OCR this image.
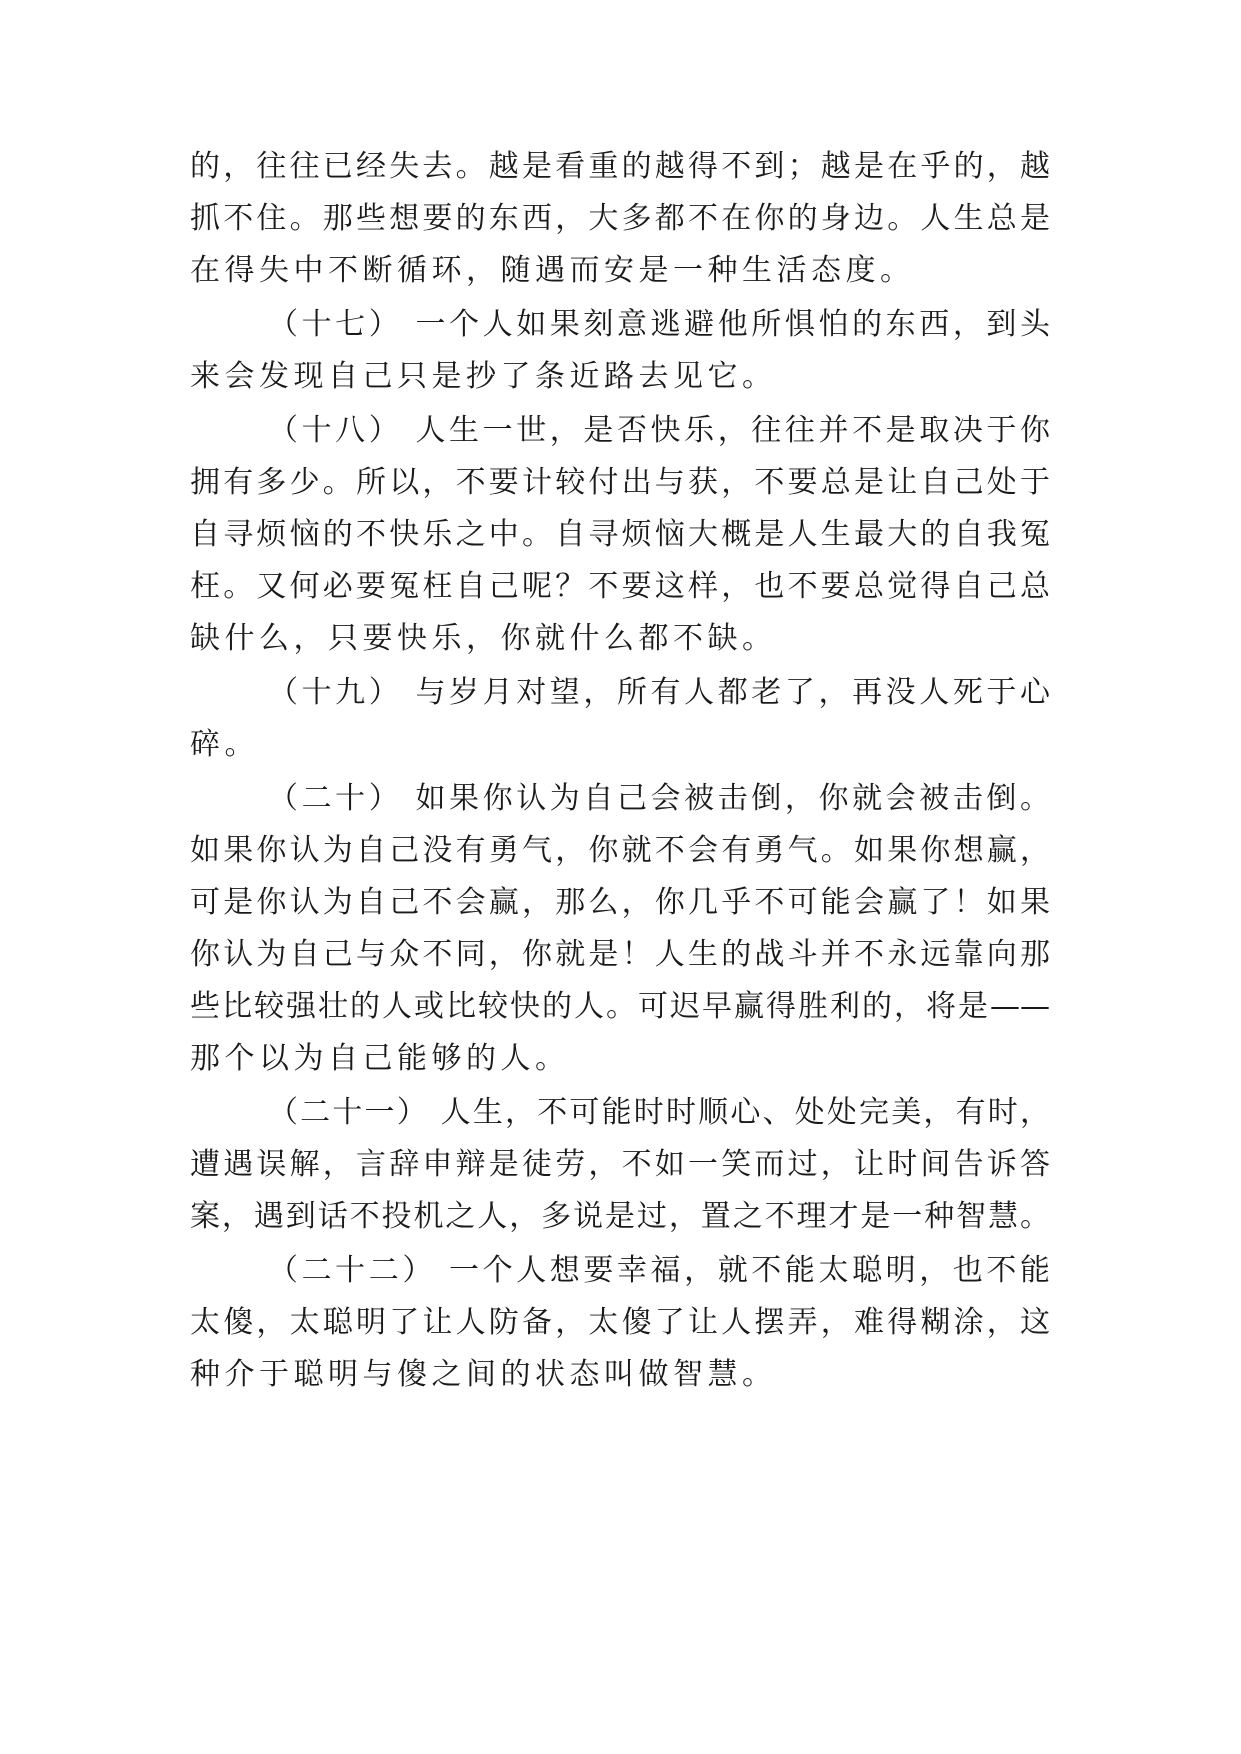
的，往往已经失去。越是看重的越得不到；越是在乎的，越
抓不住。那些想要的东西，大多都不在你的身边。人生总是
在得失中不断循环，随遇而安是一种生活态度。
（十七） 一个人如果刻意逃避他所惧怕的东西，到头
来会发现自己只是抄了条近路去见它。
（十八） 人生一世，是否快乐，往往并不是取决于你
拥有多少。所以，不要计较付出与获，不要总是让自己处于
自寻烦恼的不快乐之中。自寻烦恼大概是人生最大的自我冤
枉。又何必要冤枉自己呢？不要这样，也不要总觉得自己总
缺什么，只要快乐，你就什么都不缺。
（十九） 与岁月对望，所有人都老了，再没人死于心
碎。
（二十） 如果你认为自己会被击倒，你就会被击倒。
如果你认为自己没有勇气，你就不会有勇气。如果你想赢，
可是你认为自己不会赢，那么，你几乎不可能会赢了！如果
你认为自己与众不同，你就是！人生的战斗并不永远靠向那
些比较强壮的人或比较快的人。可迟早赢得胜利的，将是——
那个以为自己能够的人。
（二十一） 人生，不可能时时顺心、处处完美，有时，
遭遇误解，言辞申辩是徒劳，不如一笑而过，让时间告诉答
案，遇到话不投机之人，多说是过，置之不理才是一种智慧。
（二十二） 一个人想要幸福，就不能太聪明，也不能
太傻，太聪明了让人防备，太傻了让人摆弄，难得糊涂，这
种介于聪明与傻之间的状态叫做智慧。
